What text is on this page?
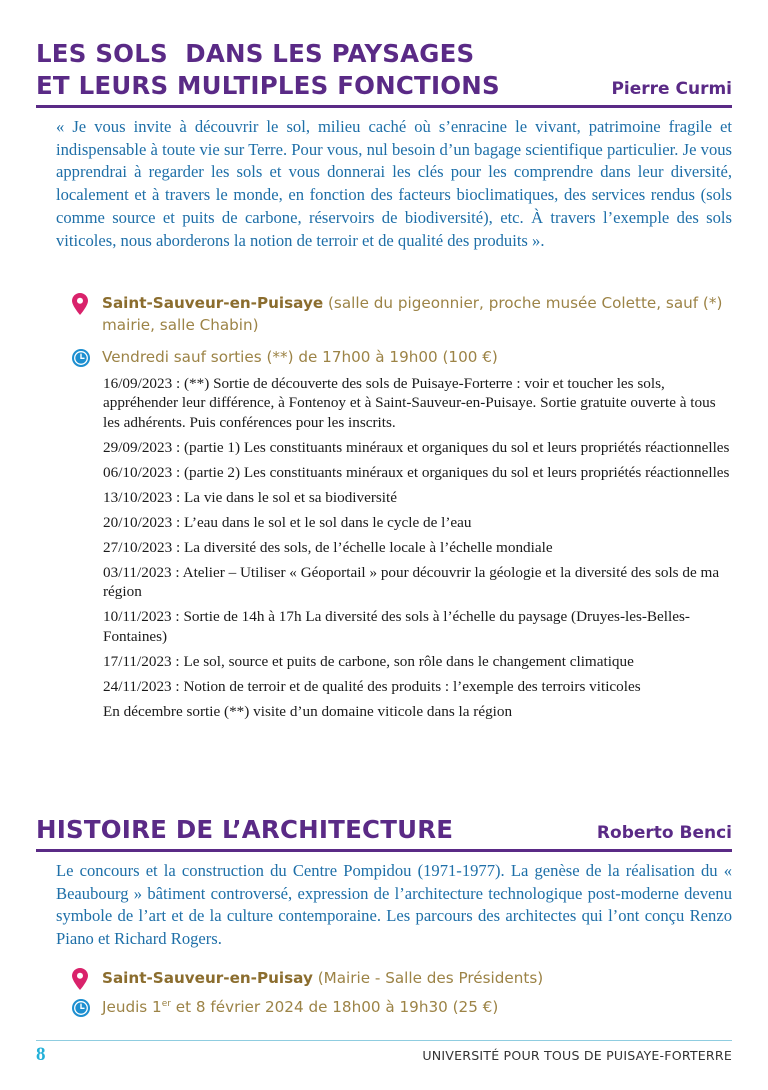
LES SOLS  DANS LES PAYSAGES
ET LEURS MULTIPLES FONCTIONS	Pierre Curmi

« Je vous invite à découvrir le sol, milieu caché où s’enracine le vivant, patrimoine fragile et indispensable à toute vie sur Terre. Pour vous, nul besoin d’un bagage scientifique particulier. Je vous apprendrai à regarder les sols et vous donnerai les clés pour les comprendre dans leur diversité, localement et à travers le monde, en fonction des facteurs bioclimatiques, des services rendus (sols comme source et puits de carbone, réservoirs de biodiversité), etc. À travers l’exemple des sols viticoles, nous aborderons la notion de terroir et de qualité des produits ».

Saint-Sauveur-en-Puisaye (salle du pigeonnier, proche musée Colette, sauf (*) mairie, salle Chabin)
Vendredi sauf sorties (**) de 17h00 à 19h00 (100 €)
16/09/2023 : (**) Sortie de découverte des sols de Puisaye-Forterre : voir et toucher les sols, appréhender leur différence, à Fontenoy et à Saint-Sauveur-en-Puisaye. Sortie gratuite ouverte à tous les adhérents. Puis conférences pour les inscrits.
29/09/2023 : (partie 1) Les constituants minéraux et organiques du sol et leurs propriétés réactionnelles
06/10/2023 : (partie 2) Les constituants minéraux et organiques du sol et leurs propriétés réactionnelles
13/10/2023 : La vie dans le sol et sa biodiversité
20/10/2023 : L’eau dans le sol et le sol dans le cycle de l’eau
27/10/2023 : La diversité des sols, de l’échelle locale à l’échelle mondiale
03/11/2023 : Atelier – Utiliser « Géoportail » pour découvrir la géologie et la diversité des sols de ma région
10/11/2023 : Sortie de 14h à 17h La diversité des sols à l’échelle du paysage (Druyes-les-Belles-Fontaines)
17/11/2023 : Le sol, source et puits de carbone, son rôle dans le changement climatique
24/11/2023 : Notion de terroir et de qualité des produits : l’exemple des terroirs viticoles
En décembre sortie (**) visite d’un domaine viticole dans la région
HISTOIRE DE L’ARCHITECTURE	Roberto Benci

Le concours et la construction du Centre Pompidou (1971-1977). La genèse de la réalisation du « Beaubourg » bâtiment controversé, expression de l’architecture technologique post-moderne devenu symbole de l’art et de la culture contemporaine. Les parcours des architectes qui l’ont conçu Renzo Piano et Richard Rogers.

Saint-Sauveur-en-Puisay (Mairie - Salle des Présidents)
Jeudis 1er et 8 février 2024 de 18h00 à 19h30 (25 €)
8	UNIVERSITÉ POUR TOUS DE PUISAYE-FORTERRE
